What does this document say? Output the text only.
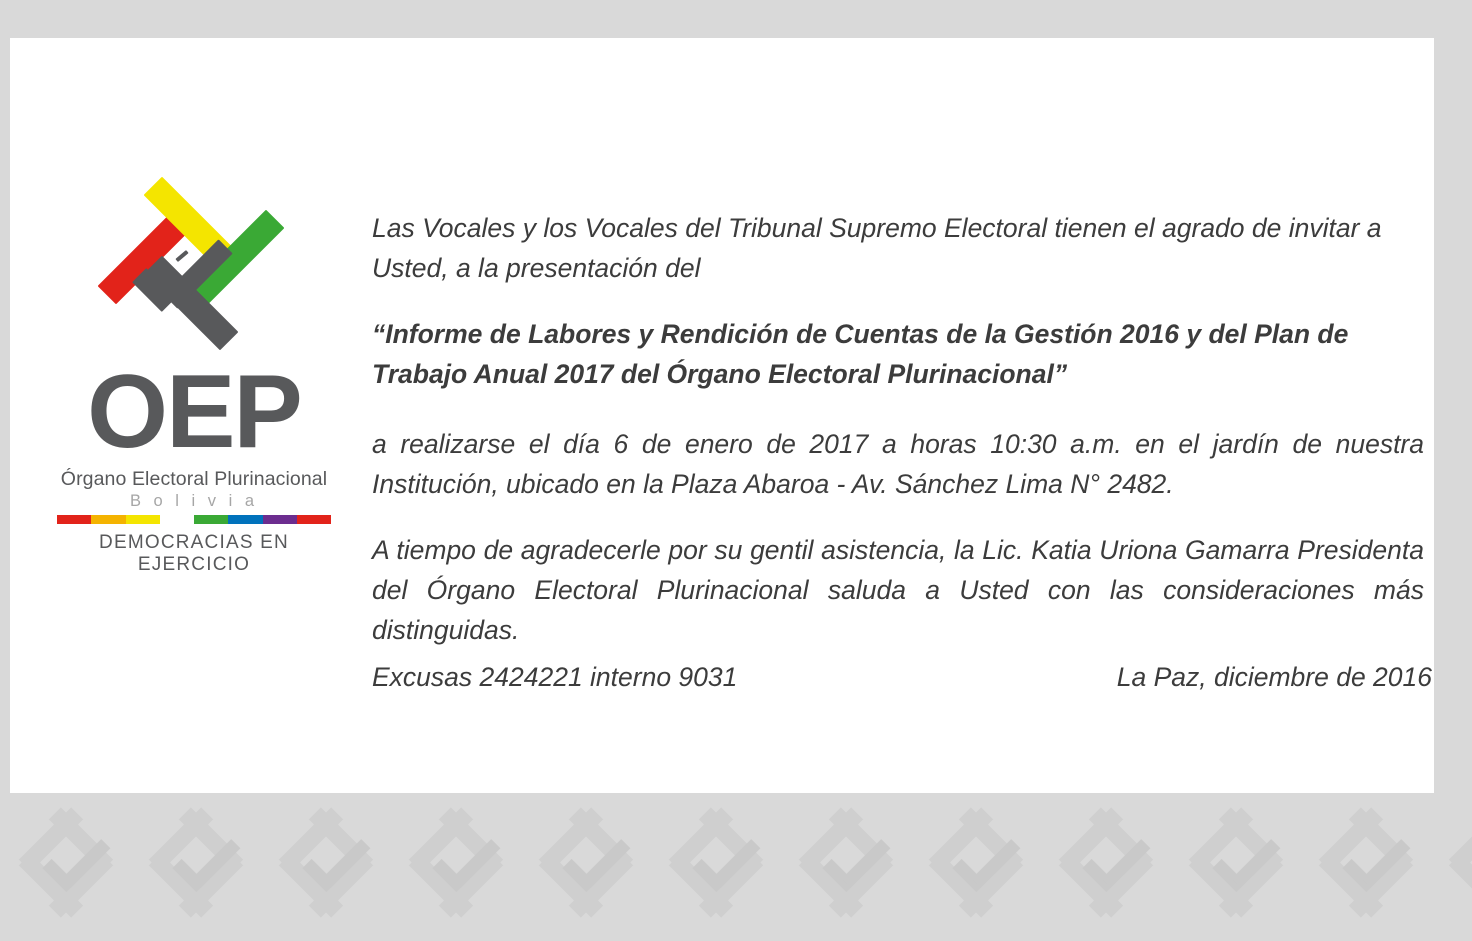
OEP

Órgano Electoral Plurinacional

B o l i v i a

DEMOCRACIAS EN EJERCICIO

Las Vocales y los Vocales del Tribunal Supremo Electoral tienen el agrado de invitar a Usted, a la presentación del

“Informe de Labores y Rendición de Cuentas de la Gestión 2016 y del Plan de Trabajo Anual 2017 del Órgano Electoral Plurinacional”

a realizarse el día 6 de enero de 2017 a horas 10:30 a.m. en el jardín de nuestra Institución, ubicado en la Plaza Abaroa - Av. Sánchez Lima N° 2482.

A tiempo de agradecerle por su gentil asistencia, la Lic. Katia Uriona Gamarra Presidenta del Órgano Electoral Plurinacional saluda a Usted con las consideraciones más distinguidas.

Excusas 2424221 interno 9031	La Paz, diciembre de 2016
